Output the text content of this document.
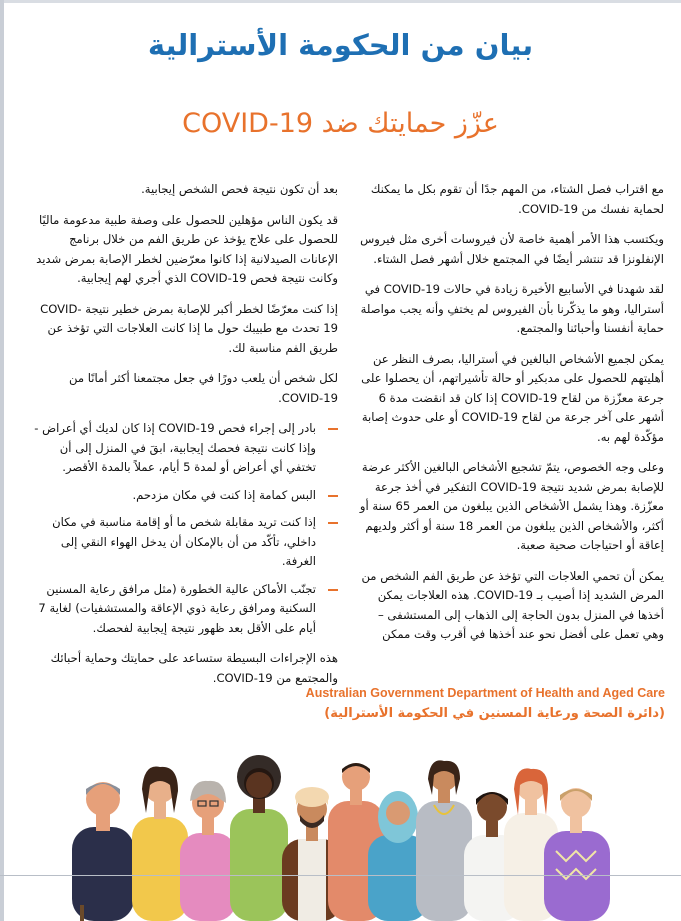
بيان من الحكومة الأسترالية
عزّز حمايتك ضد COVID-19

مع اقتراب فصل الشتاء، من المهم جدًا أن تقوم بكل ما يمكنك لحماية نفسك من COVID-19.

ويكتسب هذا الأمر أهمية خاصة لأن فيروسات أخرى مثل فيروس الإنفلونزا قد تنتشر أيضًا في المجتمع خلال أشهر فصل الشتاء.

لقد شهدنا في الأسابيع الأخيرة زيادة في حالات COVID-19 في أستراليا، وهو ما يذكّرنا بأن الفيروس لم يختفِ وأنه يجب مواصلة حماية أنفسنا وأحبائنا والمجتمع.

يمكن لجميع الأشخاص البالغين في أستراليا، بصرف النظر عن أهليتهم للحصول على مدبكير أو حالة تأشيراتهم، أن يحصلوا على جرعة معزّزة من لقاح COVID-19 إذا كان قد انقضت مدة 6 أشهر على آخر جرعة من لقاح COVID-19 أو على حدوث إصابة مؤكّدة لهم به.

وعلى وجه الخصوص، يتمّ تشجيع الأشخاص البالغين الأكثر عرضة للإصابة بمرض شديد نتيجة COVID-19 التفكير في أخذ جرعة معزّزة. وهذا يشمل الأشخاص الذين يبلغون من العمر 65 سنة أو أكثر، والأشخاص الذين يبلغون من العمر 18 سنة أو أكثر ولديهم إعاقة أو احتياجات صحية صعبة.

يمكن أن تحمي العلاجات التي تؤخذ عن طريق الفم الشخص من المرض الشديد إذا أصيب بـ COVID-19. هذه العلاجات يمكن أخذها في المنزل بدون الحاجة إلى الذهاب إلى المستشفى – وهي تعمل على أفضل نحو عند أخذها في أقرب وقت ممكن

بعد أن تكون نتيجة فحص الشخص إيجابية.

قد يكون الناس مؤهلين للحصول على وصفة طبية مدعومة ماليًا للحصول على علاج يؤخذ عن طريق الفم من خلال برنامج الإعانات الصيدلانية إذا كانوا معرّضين لخطر الإصابة بمرض شديد وكانت نتيجة فحص COVID-19 الذي أجري لهم إيجابية.

إذا كنت معرّضًا لخطر أكبر للإصابة بمرض خطير نتيجة COVID-19 تحدث مع طبيبك حول ما إذا كانت العلاجات التي تؤخذ عن طريق الفم مناسبة لك.

لكل شخص أن يلعب دورًا في جعل مجتمعنا أكثر أمانًا من COVID-19.

بادر إلى إجراء فحص COVID-19 إذا كان لديك أي أعراض - وإذا كانت نتيجة فحصك إيجابية، ابقَ في المنزل إلى أن تختفي أي أعراض أو لمدة 5 أيام، عملاً بالمدة الأقصر.
البس كمامة إذا كنت في مكان مزدحم.
إذا كنت تريد مقابلة شخص ما أو إقامة مناسبة في مكان داخلي، تأكّد من أن بالإمكان أن يدخل الهواء النقي إلى الغرفة.
تجنّب الأماكن عالية الخطورة (مثل مرافق رعاية المسنين السكنية ومرافق رعاية ذوي الإعاقة والمستشفيات) لغاية 7 أيام على الأقل بعد ظهور نتيجة إيجابية لفحصك.

هذه الإجراءات البسيطة ستساعد على حمايتك وحماية أحبائك والمجتمع من COVID-19.

Australian Government Department of Health and Aged Care
(دائرة الصحة ورعاية المسنين في الحكومة الأسترالية)
